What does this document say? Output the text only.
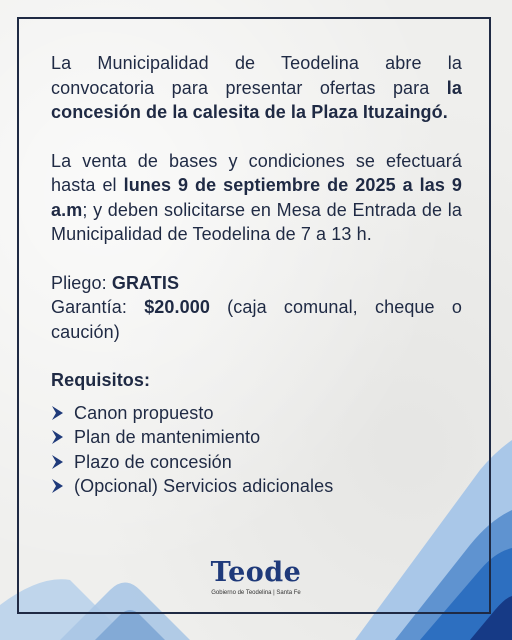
La Municipalidad de Teodelina abre la convocatoria para presentar ofertas para la concesión de la calesita de la Plaza Ituzaingó.

La venta de bases y condiciones se efectuará hasta el lunes 9 de septiembre de 2025 a las 9 a.m; y deben solicitarse en Mesa de Entrada de la Municipalidad de Teodelina de 7 a 13 h.

Pliego: GRATIS
Garantía: $20.000 (caja comunal, cheque o caución)

Requisitos:

Canon propuesto
Plan de mantenimiento
Plazo de concesión
(Opcional) Servicios adicionales
Teode
Gobierno de Teodelina | Santa Fe
